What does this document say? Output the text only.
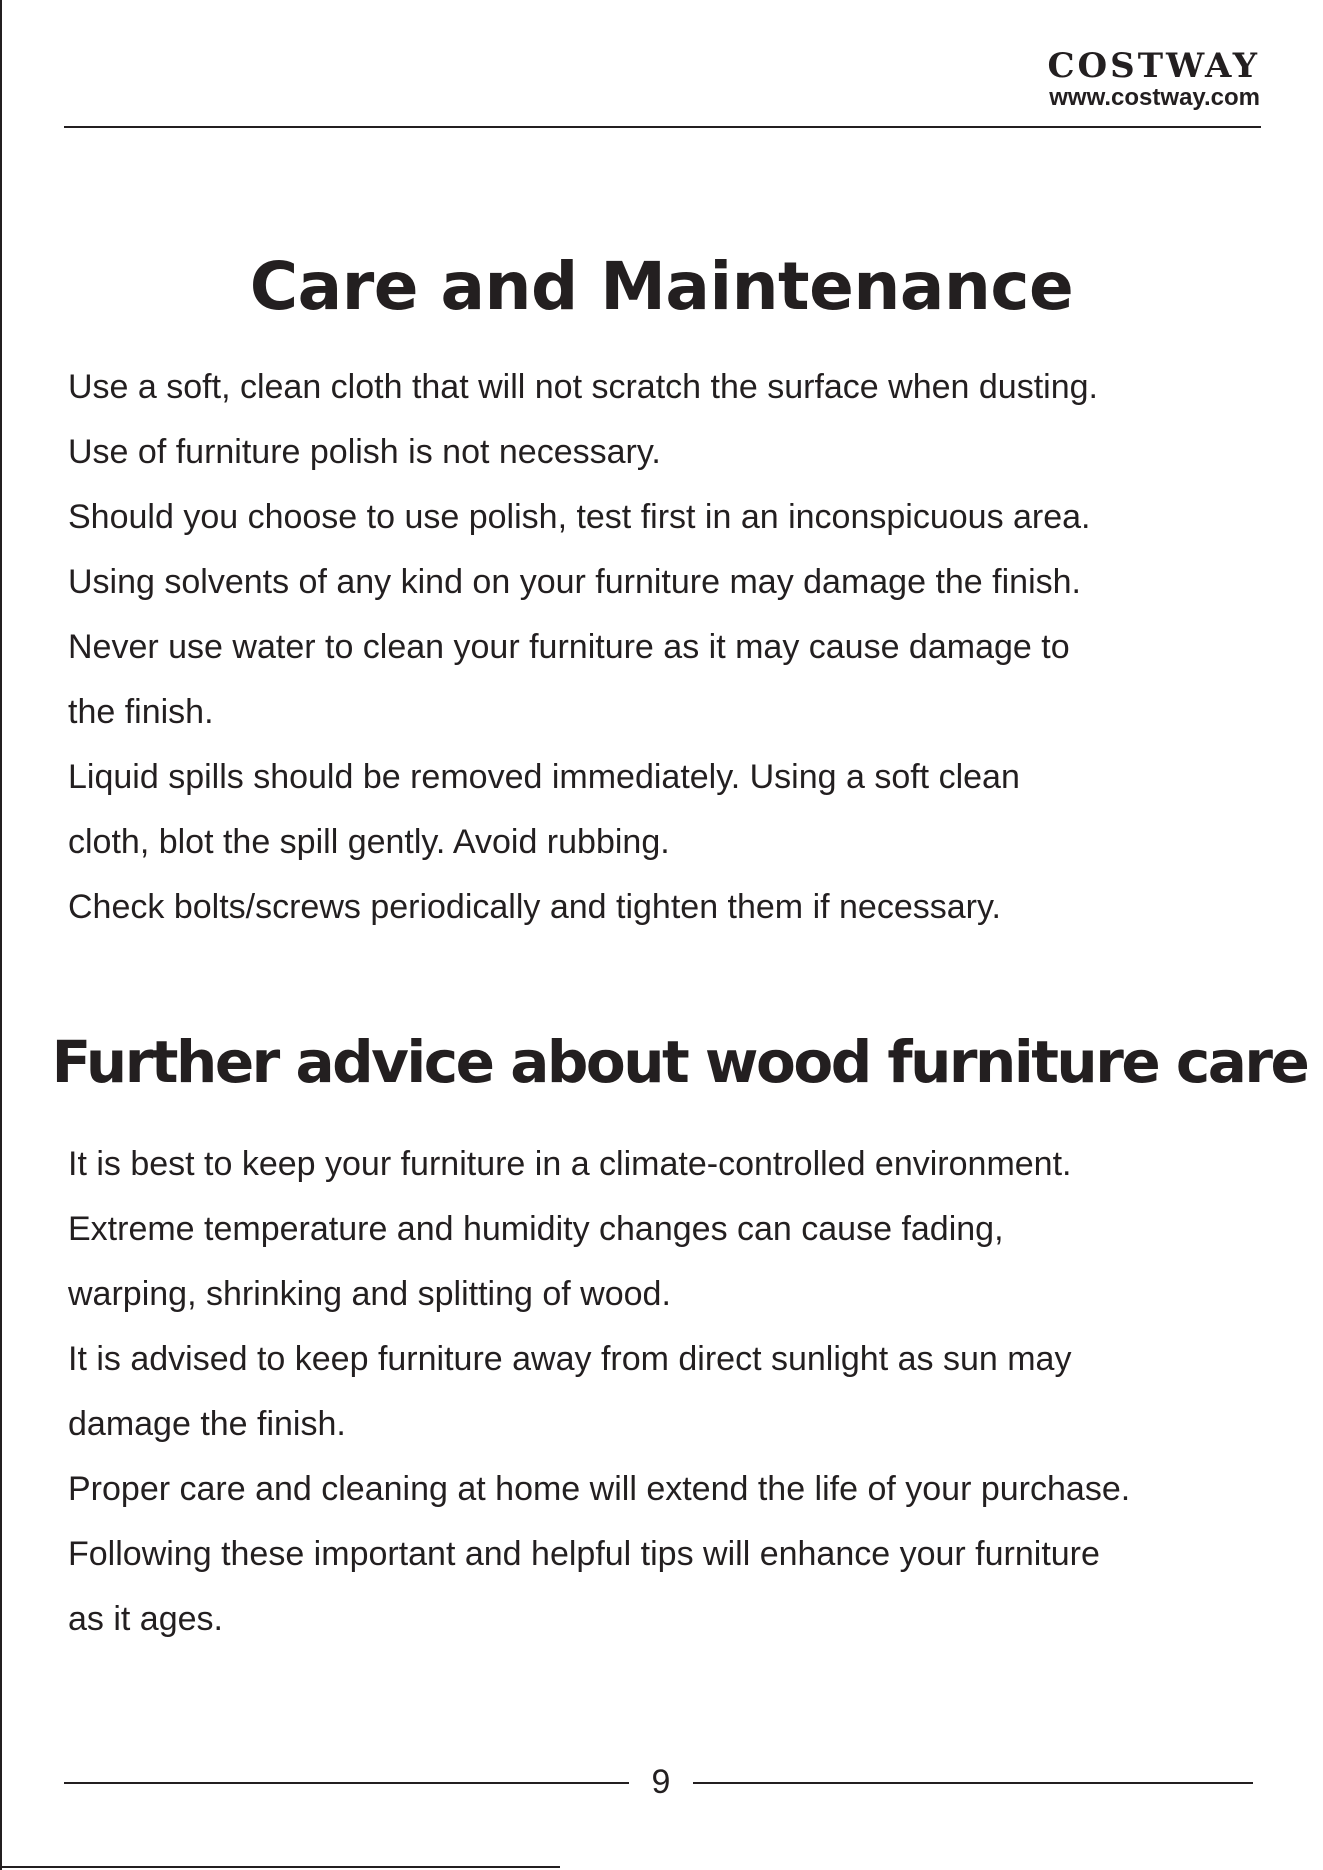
COSTWAY
www.costway.com
Care and Maintenance
Use a soft, clean cloth that will not scratch the surface when dusting.
Use of furniture polish is not necessary.
Should you choose to use polish, test first in an inconspicuous area.
Using solvents of any kind on your furniture may damage the finish.
Never use water to clean your furniture as it may cause damage to
the finish.
Liquid spills should be removed immediately. Using a soft clean
cloth, blot the spill gently. Avoid rubbing.
Check bolts/screws periodically and tighten them if necessary.
Further advice about wood furniture care
It is best to keep your furniture in a climate-controlled environment.
Extreme temperature and humidity changes can cause fading,
warping, shrinking and splitting of wood.
It is advised to keep furniture away from direct sunlight as sun may
damage the finish.
Proper care and cleaning at home will extend the life of your purchase.
Following these important and helpful tips will enhance your furniture
as it ages.
9
